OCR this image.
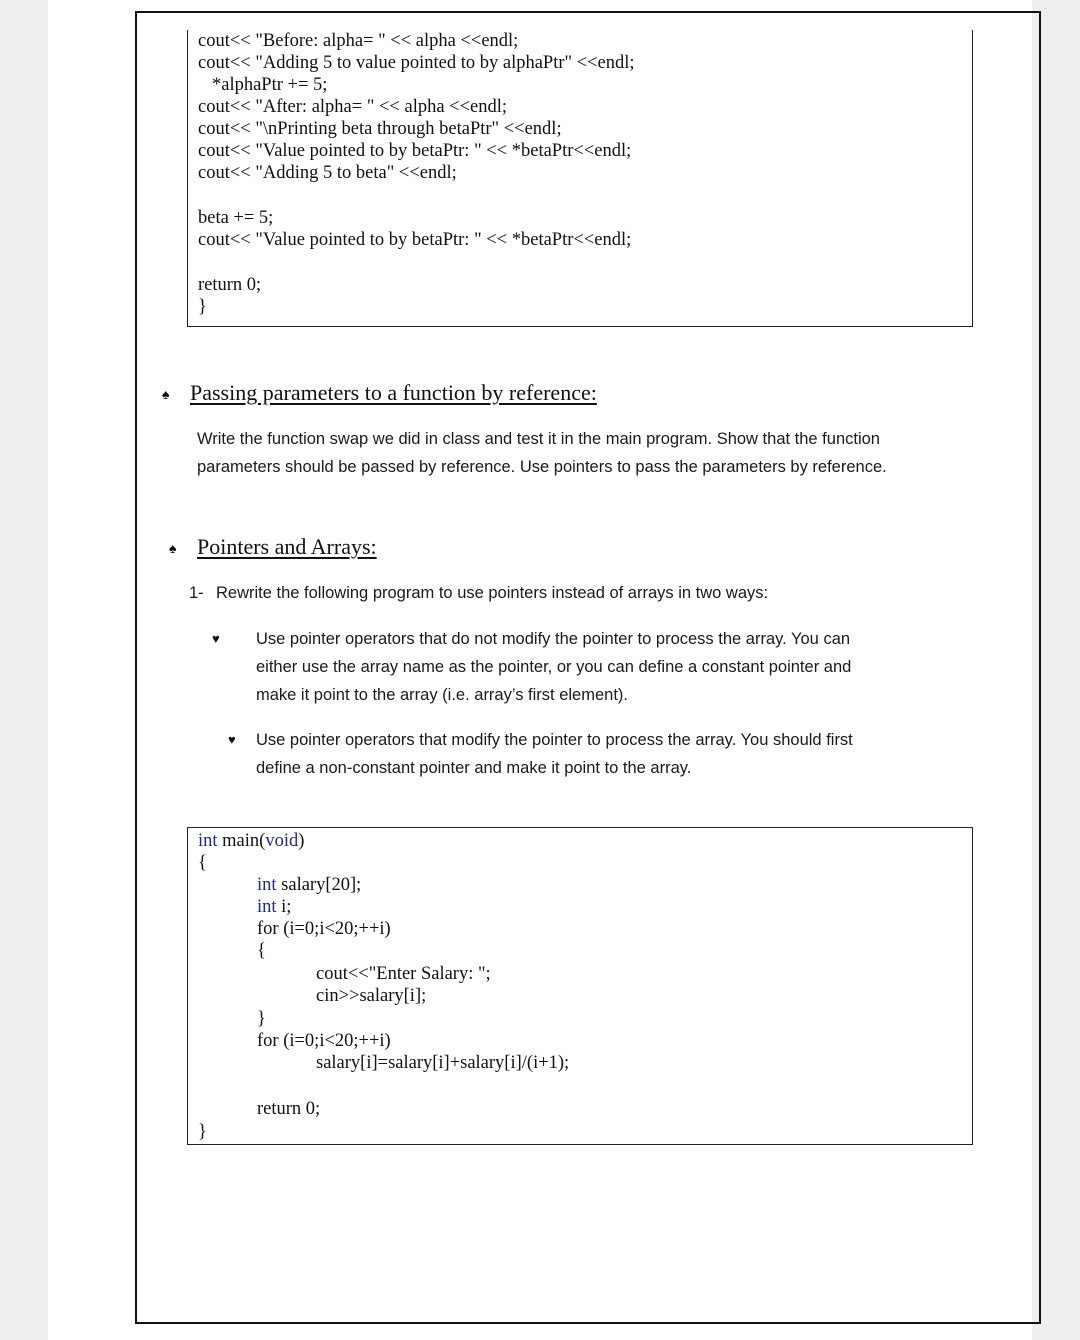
cout<< "Before: alpha= " << alpha <<endl;
cout<< "Adding 5 to value pointed to by alphaPtr" <<endl;
*alphaPtr += 5;
cout<< "After: alpha= " << alpha <<endl;
cout<< "\nPrinting beta through betaPtr" <<endl;
cout<< "Value pointed to by betaPtr: " << *betaPtr<<endl;
cout<< "Adding 5 to beta" <<endl;
beta += 5;
cout<< "Value pointed to by betaPtr: " << *betaPtr<<endl;
return 0;
}
♠ Passing parameters to a function by reference:
Write the function swap we did in class and test it in the main program. Show that the function
parameters should be passed by reference. Use pointers to pass the parameters by reference.
♠ Pointers and Arrays:
1- Rewrite the following program to use pointers instead of arrays in two ways:
♥ Use pointer operators that do not modify the pointer to process the array. You can
either use the array name as the pointer, or you can define a constant pointer and
make it point to the array (i.e. array’s first element).
♥ Use pointer operators that modify the pointer to process the array. You should first
define a non-constant pointer and make it point to the array.
int main(void)
{
int salary[20];
int i;
for (i=0;i<20;++i)
{
cout<<"Enter Salary: ";
cin>>salary[i];
}
for (i=0;i<20;++i)
salary[i]=salary[i]+salary[i]/(i+1);
return 0;
}
